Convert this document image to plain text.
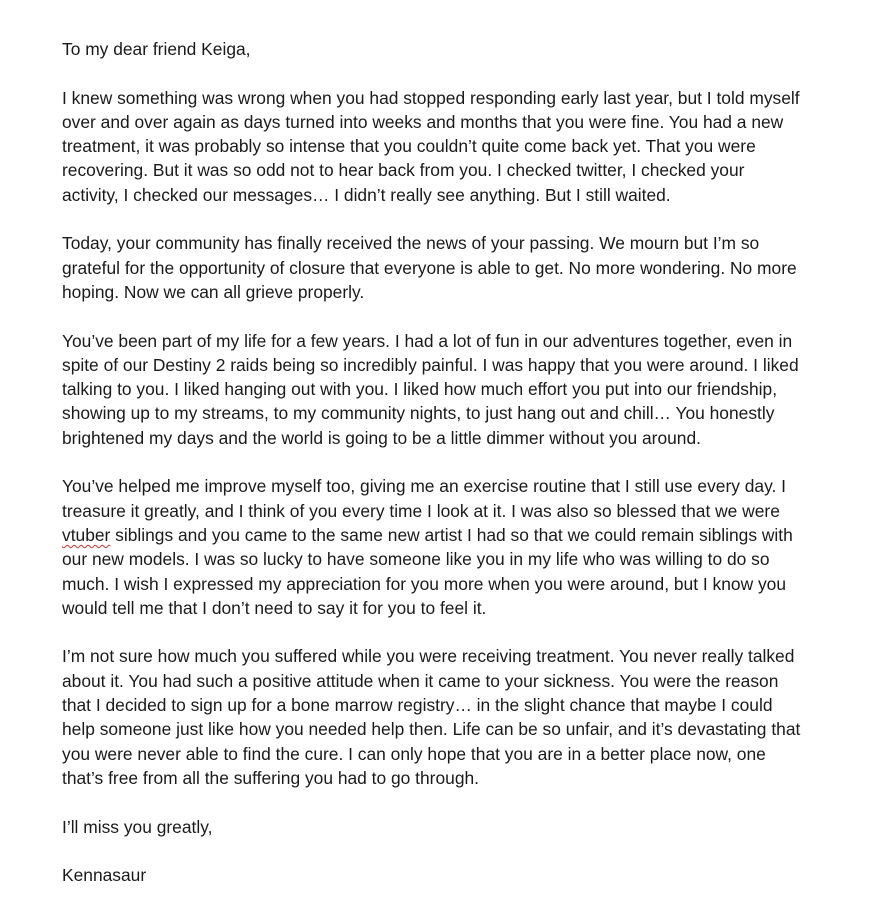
To my dear friend Keiga,

I knew something was wrong when you had stopped responding early last year, but I told myself
over and over again as days turned into weeks and months that you were fine. You had a new
treatment, it was probably so intense that you couldn’t quite come back yet. That you were
recovering. But it was so odd not to hear back from you. I checked twitter, I checked your
activity, I checked our messages… I didn’t really see anything. But I still waited.

Today, your community has finally received the news of your passing. We mourn but I’m so
grateful for the opportunity of closure that everyone is able to get. No more wondering. No more
hoping. Now we can all grieve properly.

You’ve been part of my life for a few years. I had a lot of fun in our adventures together, even in
spite of our Destiny 2 raids being so incredibly painful. I was happy that you were around. I liked
talking to you. I liked hanging out with you. I liked how much effort you put into our friendship,
showing up to my streams, to my community nights, to just hang out and chill… You honestly
brightened my days and the world is going to be a little dimmer without you around.

You’ve helped me improve myself too, giving me an exercise routine that I still use every day. I
treasure it greatly, and I think of you every time I look at it. I was also so blessed that we were
vtuber siblings and you came to the same new artist I had so that we could remain siblings with
our new models. I was so lucky to have someone like you in my life who was willing to do so
much. I wish I expressed my appreciation for you more when you were around, but I know you
would tell me that I don’t need to say it for you to feel it.

I’m not sure how much you suffered while you were receiving treatment. You never really talked
about it. You had such a positive attitude when it came to your sickness. You were the reason
that I decided to sign up for a bone marrow registry… in the slight chance that maybe I could
help someone just like how you needed help then. Life can be so unfair, and it’s devastating that
you were never able to find the cure. I can only hope that you are in a better place now, one
that’s free from all the suffering you had to go through.

I’ll miss you greatly,

Kennasaur
